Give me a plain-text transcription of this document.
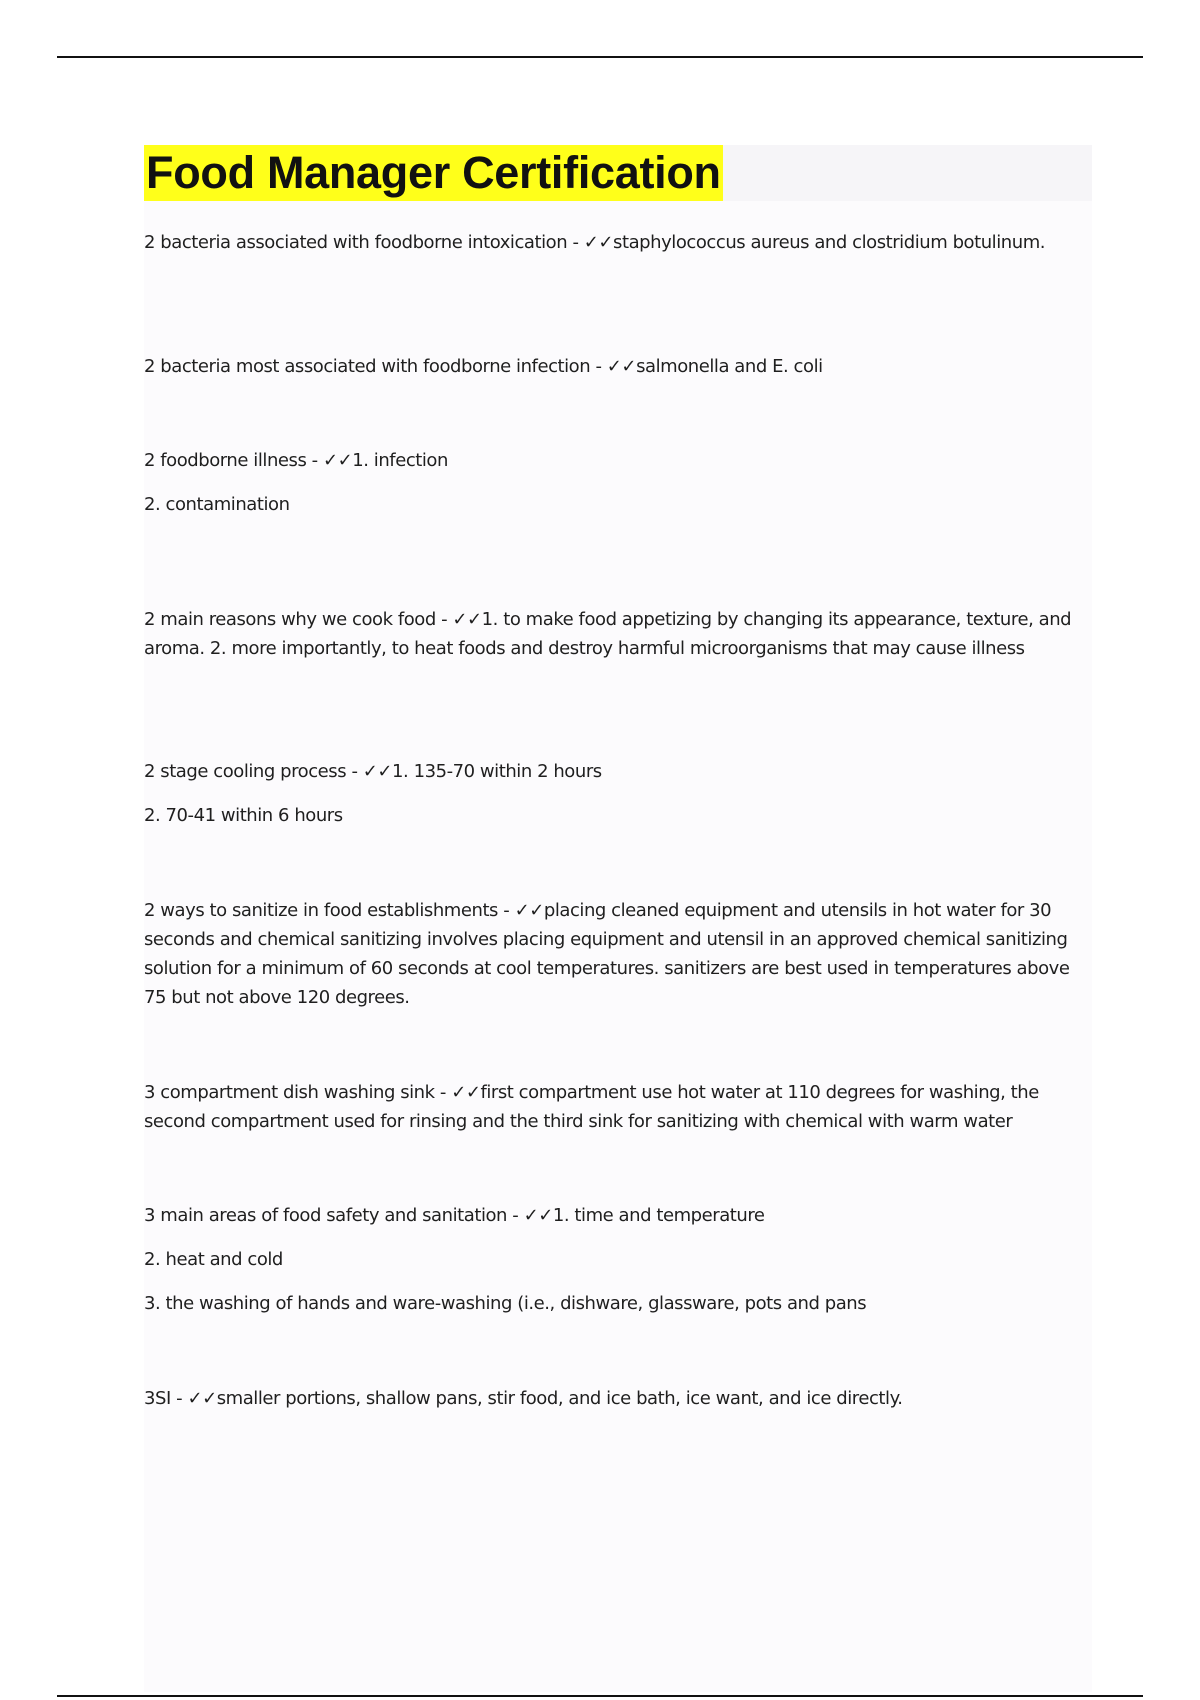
Food Manager Certification

2 bacteria associated with foodborne intoxication - ✓✓staphylococcus aureus and clostridium botulinum.

2 bacteria most associated with foodborne infection - ✓✓salmonella and E. coli

2 foodborne illness - ✓✓1. infection

2. contamination

2 main reasons why we cook food - ✓✓1. to make food appetizing by changing its appearance, texture, and aroma. 2. more importantly, to heat foods and destroy harmful microorganisms that may cause illness

2 stage cooling process - ✓✓1. 135-70 within 2 hours

2. 70-41 within 6 hours

2 ways to sanitize in food establishments - ✓✓placing cleaned equipment and utensils in hot water for 30 seconds and chemical sanitizing involves placing equipment and utensil in an approved chemical sanitizing solution for a minimum of 60 seconds at cool temperatures. sanitizers are best used in temperatures above 75 but not above 120 degrees.

3 compartment dish washing sink - ✓✓first compartment use hot water at 110 degrees for washing, the second compartment used for rinsing and the third sink for sanitizing with chemical with warm water

3 main areas of food safety and sanitation - ✓✓1. time and temperature

2. heat and cold

3. the washing of hands and ware-washing (i.e., dishware, glassware, pots and pans

3SI - ✓✓smaller portions, shallow pans, stir food, and ice bath, ice want, and ice directly.
